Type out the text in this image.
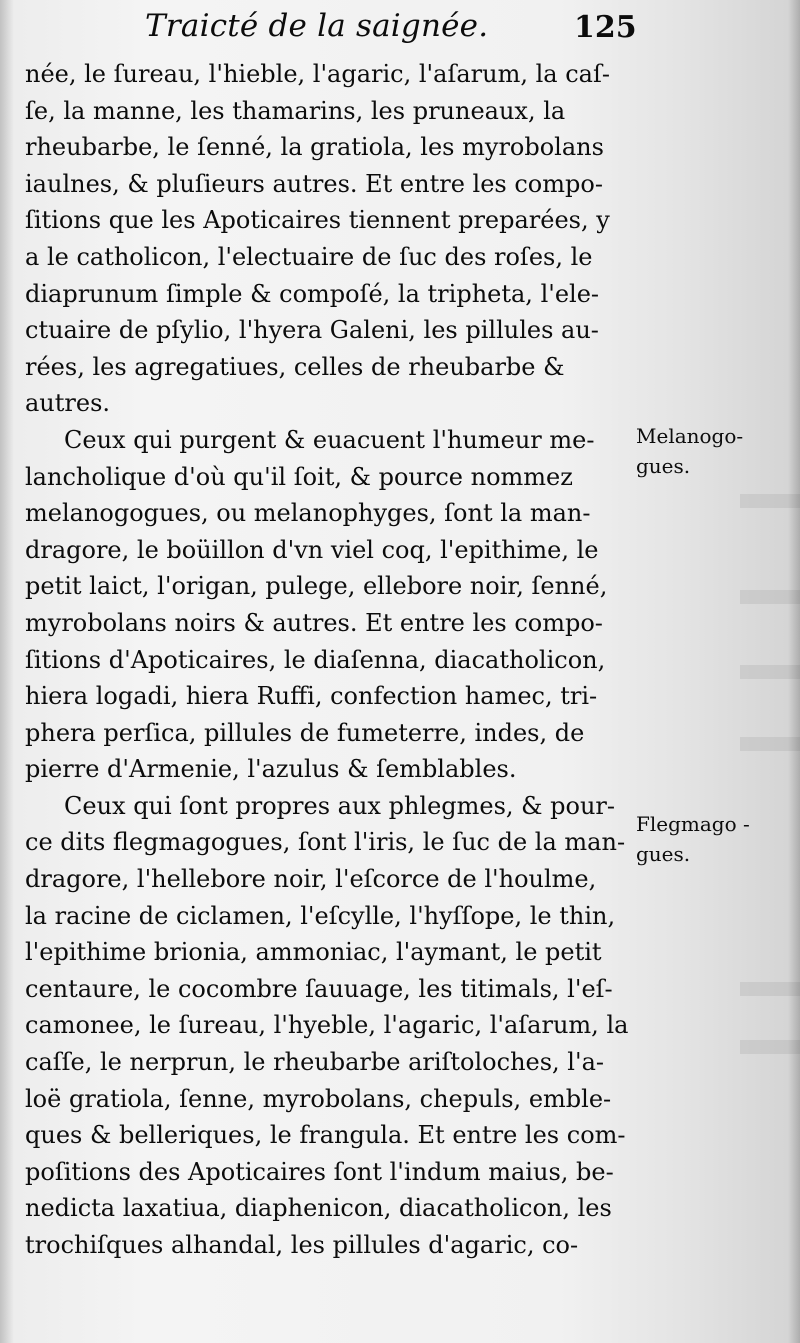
Traicté de la saignée.	125
née, le ſureau, l'hieble, l'agaric, l'aſarum, la caſ-
ſe, la manne, les thamarins, les pruneaux, la
rheubarbe, le ſenné, la gratiola, les myrobolans
iaulnes, & pluſieurs autres. Et entre les compo-
ſitions que les Apoticaires tiennent preparées, y
a le catholicon, l'electuaire de ſuc des roſes, le
diaprunum ſimple & compoſé, la tripheta, l'ele-
ctuaire de pſylio, l'hyera Galeni, les pillules au-
rées, les agregatiues, celles de rheubarbe &
autres.
Ceux qui purgent & euacuent l'humeur me-
lancholique d'où qu'il ſoit, & pource nommez
melanogogues, ou melanophyges, ſont la man-
dragore, le boüillon d'vn viel coq, l'epithime, le
petit laict, l'origan, pulege, ellebore noir, ſenné,
myrobolans noirs & autres. Et entre les compo-
ſitions d'Apoticaires, le diaſenna, diacatholicon,
hiera logadi, hiera Ruffi, confection hamec, tri-
phera perſica, pillules de fumeterre, indes, de
pierre d'Armenie, l'azulus & ſemblables.
Ceux qui ſont propres aux phlegmes, & pour-
ce dits flegmagogues, ſont l'iris, le ſuc de la man-
dragore, l'hellebore noir, l'eſcorce de l'houlme,
la racine de ciclamen, l'eſcylle, l'hyſſope, le thin,
l'epithime brionia, ammoniac, l'aymant, le petit
centaure, le cocombre ſauuage, les titimals, l'eſ-
camonee, le ſureau, l'hyeble, l'agaric, l'aſarum, la
caſſe, le nerprun, le rheubarbe ariſtoloches, l'a-
loë gratiola, ſenne, myrobolans, chepuls, emble-
ques & belleriques, le frangula. Et entre les com-
poſitions des Apoticaires ſont l'indum maius, be-
nedicta laxatiua, diaphenicon, diacatholicon, les
trochiſques alhandal, les pillules d'agaric, co-
Melanogo-
gues.
Flegmago -
gues.
